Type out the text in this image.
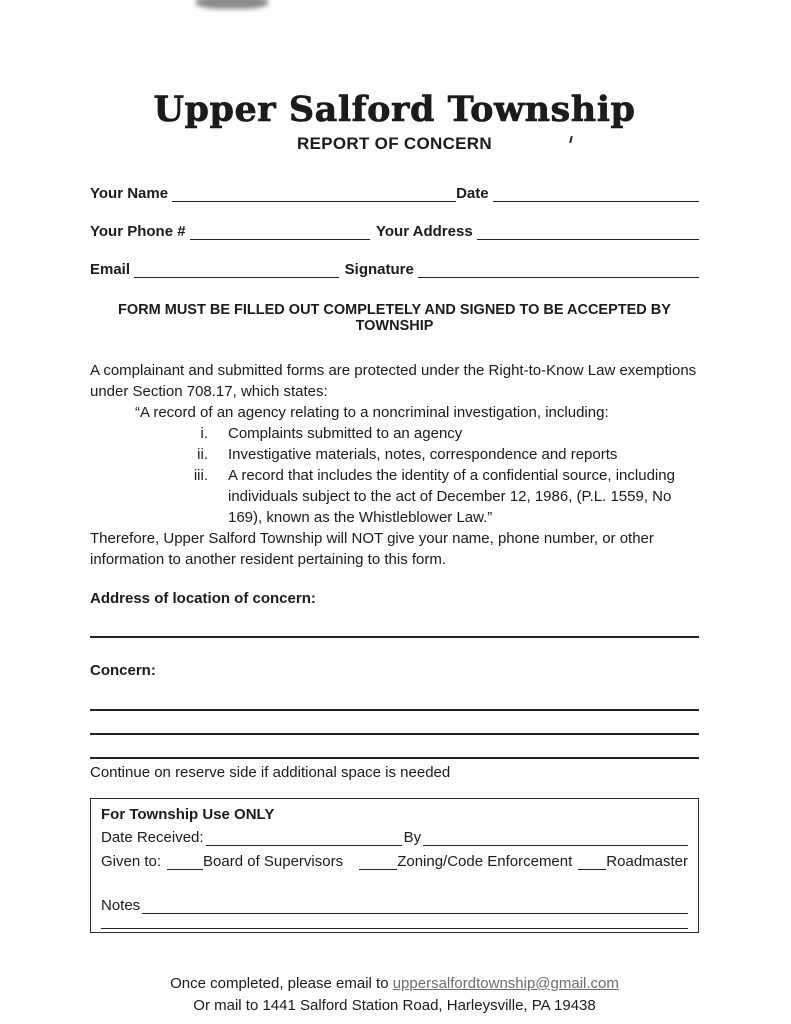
Upper Salford Township
REPORT OF CONCERN
Your Name	Date
Your Phone #	Your Address
Email	Signature
FORM MUST BE FILLED OUT COMPLETELY AND SIGNED TO BE ACCEPTED BY TOWNSHIP
A complainant and submitted forms are protected under the Right-to-Know Law exemptions under Section 708.17, which states:
“A record of an agency relating to a noncriminal investigation, including:
i.	Complaints submitted to an agency
ii.	Investigative materials, notes, correspondence and reports
iii.	A record that includes the identity of a confidential source, including individuals subject to the act of December 12, 1986, (P.L. 1559, No 169), known as the Whistleblower Law.”
Therefore, Upper Salford Township will NOT give your name, phone number, or other information to another resident pertaining to this form.
Address of location of concern:
Concern:
Continue on reserve side if additional space is needed
For Township Use ONLY
Date Received:	By
Given to:	Board of Supervisors	Zoning/Code Enforcement Roadmaster
Notes
Once completed, please email to uppersalfordtownship@gmail.com
Or mail to 1441 Salford Station Road, Harleysville, PA 19438
